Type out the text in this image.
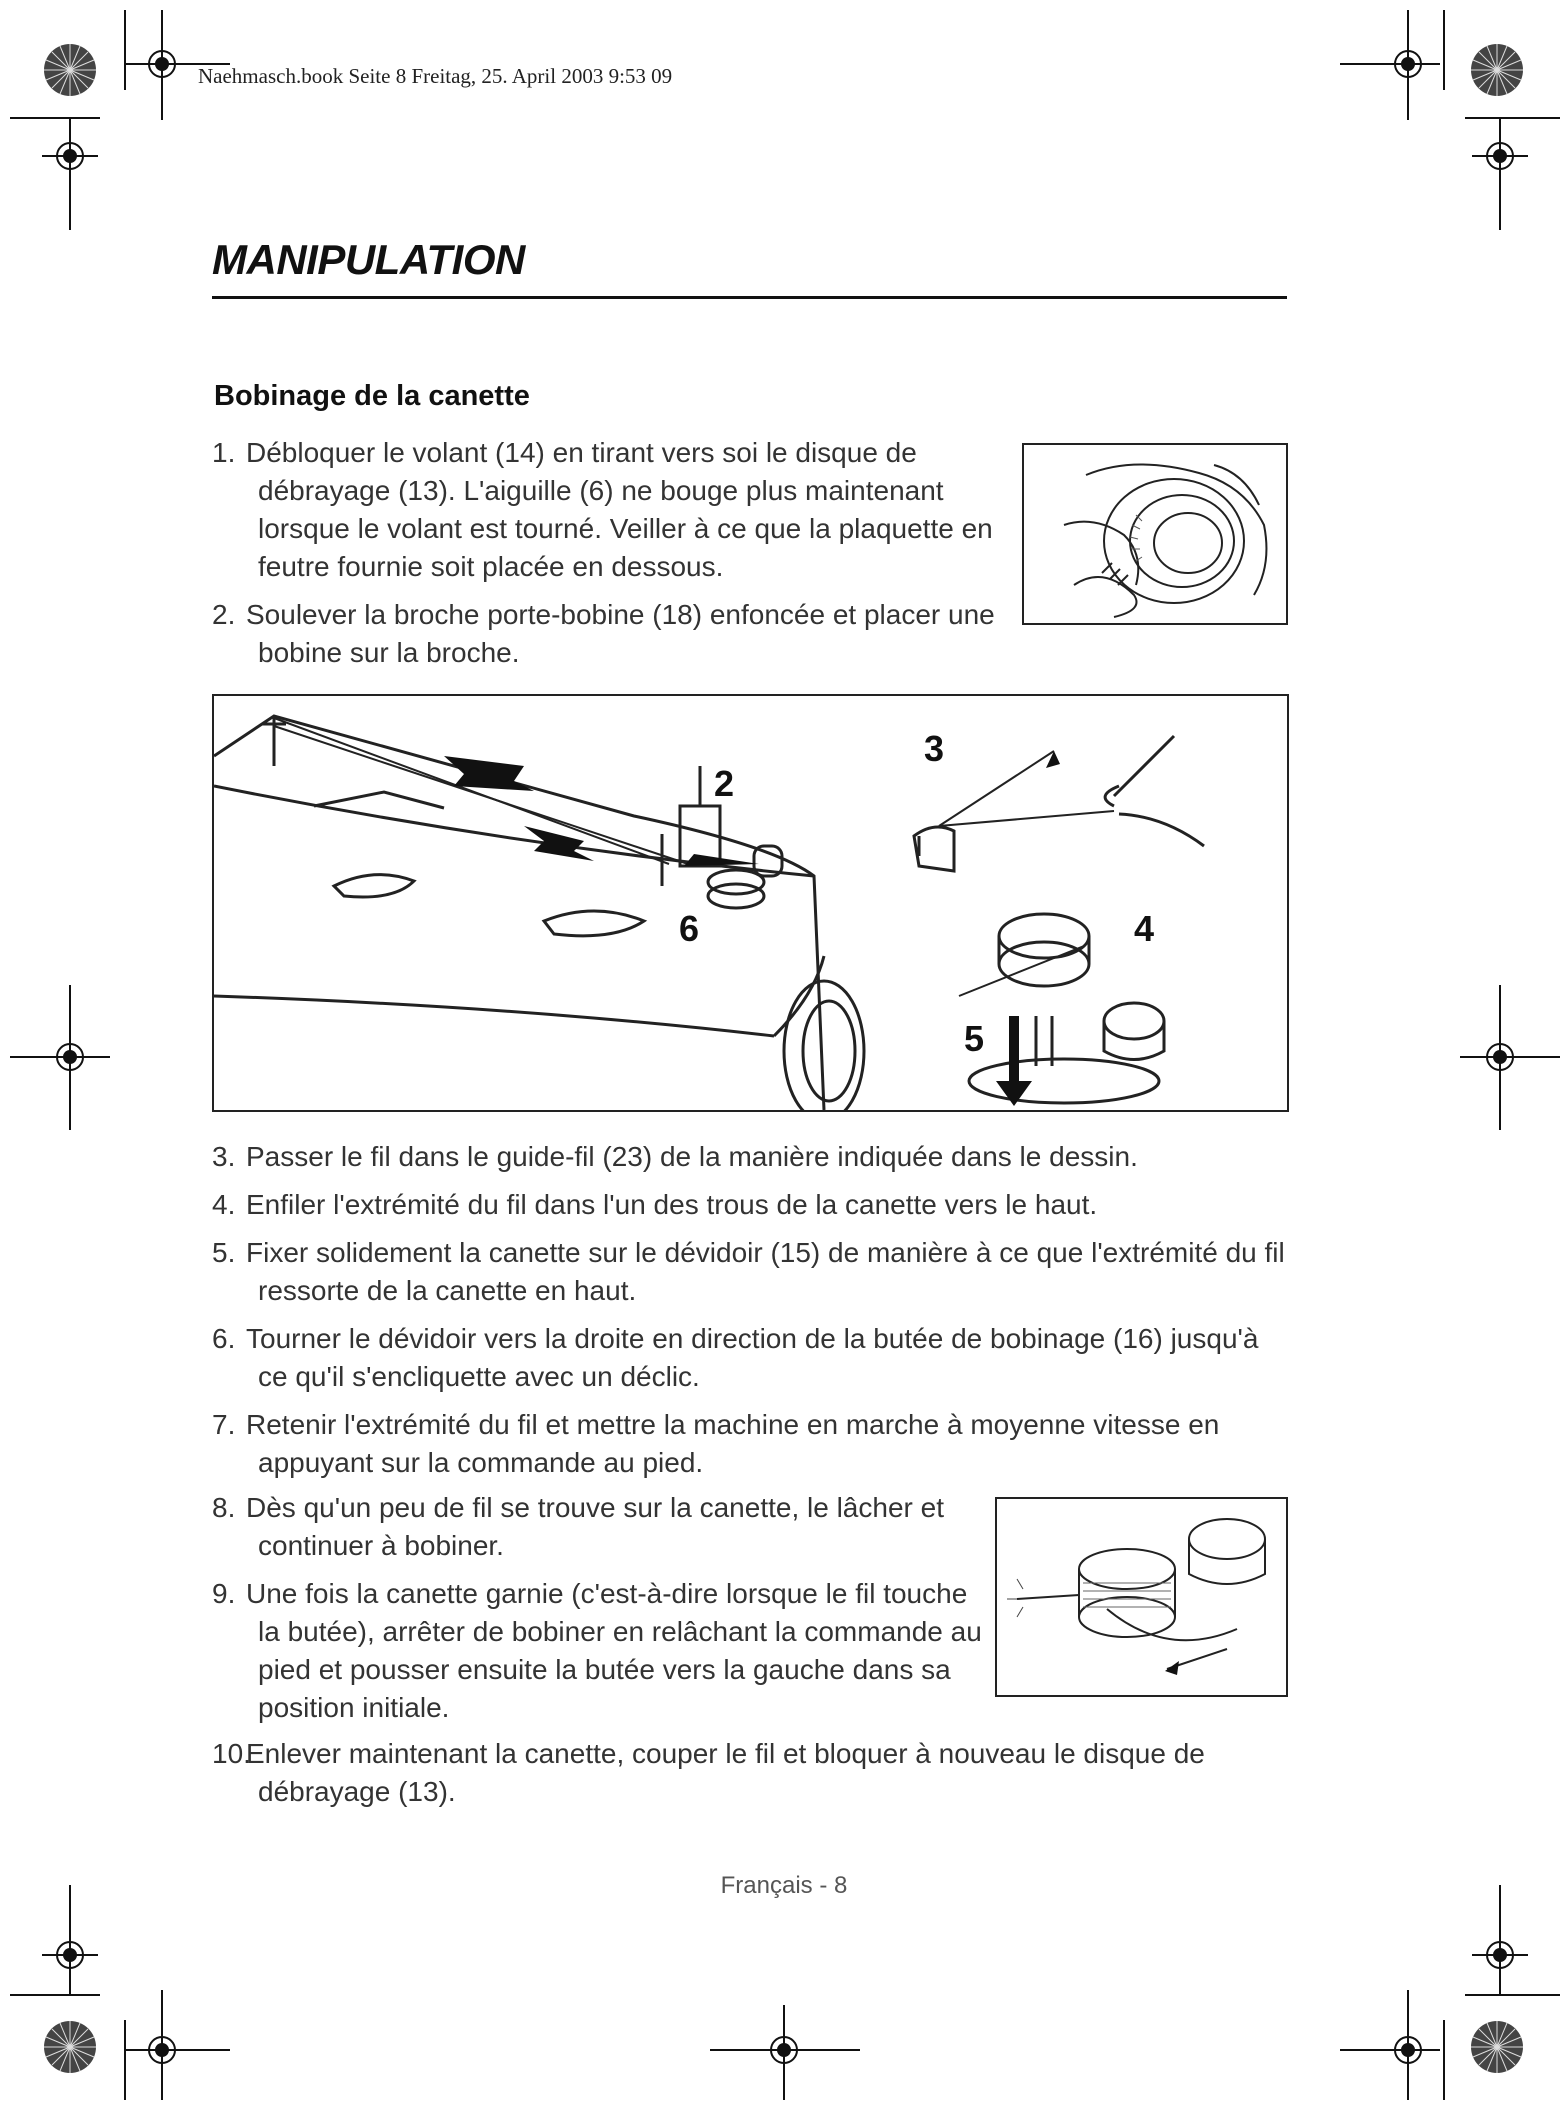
Naehmasch.book Seite 8 Freitag, 25. April 2003 9:53 09
MANIPULATION
Bobinage de la canette
1. Débloquer le volant (14) en tirant vers soi le disque de débrayage (13). L'aiguille (6) ne bouge plus maintenant lorsque le volant est tourné. Veiller à ce que la plaquette en feutre fournie soit placée en dessous.
2. Soulever la broche porte-bobine (18) enfoncée et placer une bobine sur la broche.
2
3
4
5
6
3. Passer le fil dans le guide-fil (23) de la manière indiquée dans le dessin.
4. Enfiler l'extrémité du fil dans l'un des trous de la canette vers le haut.
5. Fixer solidement la canette sur le dévidoir (15) de manière à ce que l'extrémité du fil ressorte de la canette en haut.
6. Tourner le dévidoir vers la droite en direction de la butée de bobinage (16) jusqu'à ce qu'il s'encliquette avec un déclic.
7. Retenir l'extrémité du fil et mettre la machine en marche à moyenne vitesse en appuyant sur la commande au pied.
8. Dès qu'un peu de fil se trouve sur la canette, le lâcher et continuer à bobiner.
9. Une fois la canette garnie (c'est-à-dire lorsque le fil touche la butée), arrêter de bobiner en relâchant la commande au pied et pousser ensuite la butée vers la gauche dans sa position initiale.
10.Enlever maintenant la canette, couper le fil et bloquer à nouveau le disque de débrayage (13).
Français - 8
